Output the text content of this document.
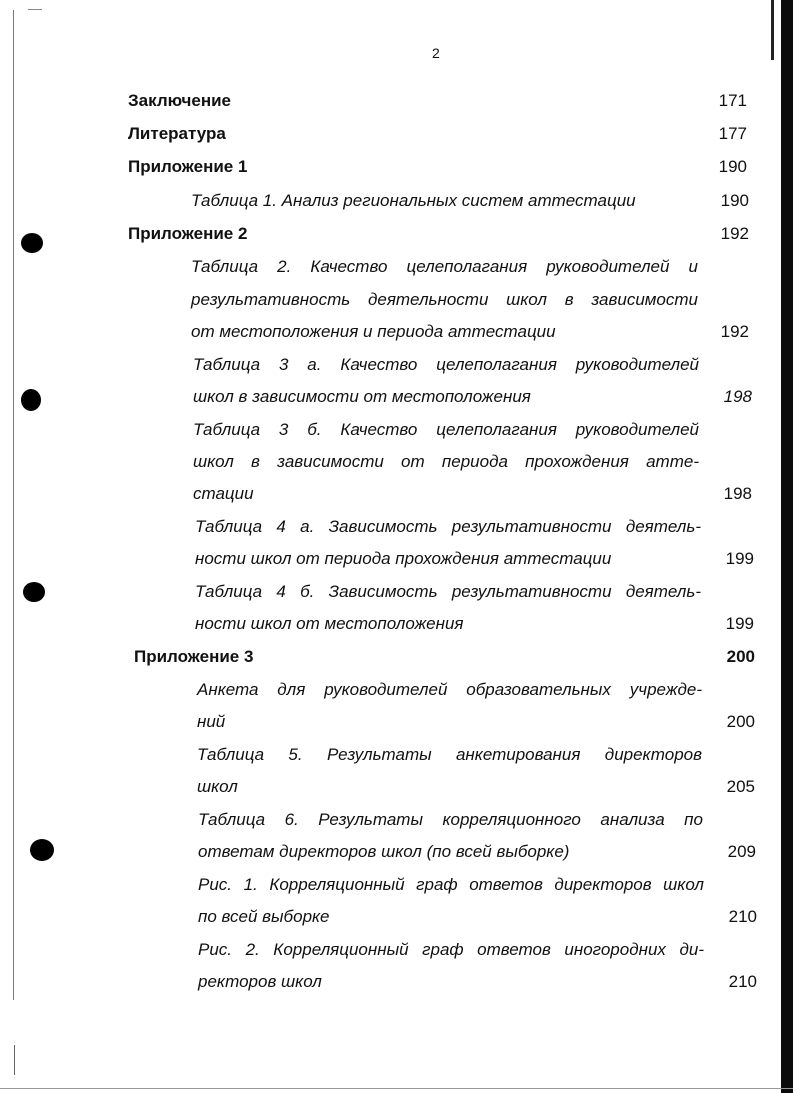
2
Заключение	171
Литература	177
Приложение 1	190
Таблица 1. Анализ региональных систем аттестации	190
Приложение 2	192
Таблица 2. Качество целеполагания руководителей и
результативность деятельности школ в зависимости
от местоположения и периода аттестации	192
Таблица 3 а. Качество целеполагания руководителей
школ в зависимости от местоположения	198
Таблица 3 б. Качество целеполагания руководителей
школ в зависимости от периода прохождения атте-
стации	198
Таблица 4 а. Зависимость результативности деятель-
ности школ от периода прохождения аттестации	199
Таблица 4 б. Зависимость результативности деятель-
ности школ от местоположения	199
Приложение 3	200
Анкета для руководителей образовательных учрежде-
ний	200
Таблица 5. Результаты анкетирования директоров
школ	205
Таблица 6. Результаты корреляционного анализа по
ответам директоров школ (по всей выборке)	209
Рис. 1. Корреляционный граф ответов директоров школ
по всей выборке	210
Рис. 2. Корреляционный граф ответов иногородних ди-
ректоров школ	210
